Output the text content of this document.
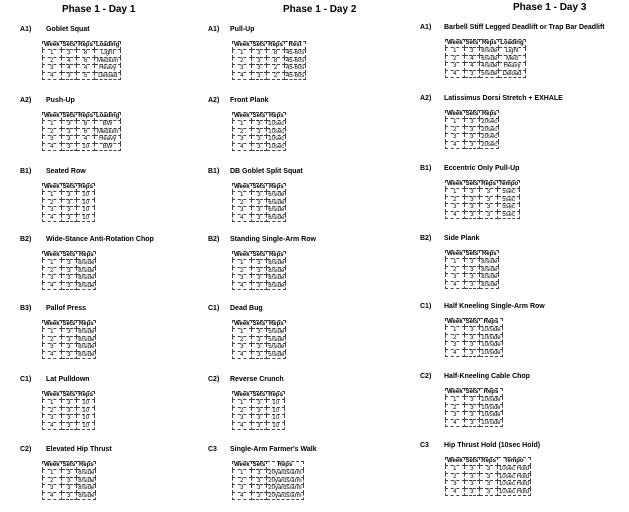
Phase 1 - Day 1
A1) Goblet Squat
Week	Sets	Reps	Loading
1	3	8	Light
2	4	6	Medium
3	4	4	Heavy
4	3	5	Deload
A2) Push-Up
Week	Sets	Reps	Loading
1	3	8	BW
2	3	6	Medium
3	3	4	Heavy
4	3	10	BW
B1) Seated Row
Week	Sets	Reps
1	3	10
2	3	10
3	3	10
4	3	10
B2) Wide-Stance Anti-Rotation Chop
Week	Sets	Reps
1	3	8/side
2	3	8/side
3	3	8/side
4	3	8/side
B3) Pallof Press
Week	Sets	Reps
1	3	8/side
2	3	8/side
3	3	8/side
4	3	8/side
C1) Lat Pulldown
Week	Sets	Reps
1	3	10
2	3	10
3	3	10
4	3	10
C2) Elevated Hip Thrust
Week	Sets	Reps
1	3	8/side
2	3	8/side
3	3	8/side
4	3	8/side
Phase 1 - Day 2
A1) Pull-Up
Week	Sets	Reps	Rest
1	3	8	45-60s
2	3	8	45-60s
3	3	2	45-60s
4	3	2	45-60s
A2) Front Plank
Week	Sets	Reps
1	3	10sec
2	3	10sec
3	3	10sec
4	3	10sec
B1) DB Goblet Split Squat
Week	Sets	Reps
1	3	6/side
2	3	6/side
3	3	6/side
4	3	6/side
B2) Standing Single-Arm Row
Week	Sets	Reps
1	3	8/side
2	3	8/side
3	3	8/side
4	3	8/side
C1) Dead Bug
Week	Sets	Reps
1	3	5/side
2	3	5/side
3	3	5/side
4	3	5/side
C2) Reverse Crunch
Week	Sets	Reps
1	3	10
2	3	10
3	3	10
4	3	10
C3 Single-Arm Farmer's Walk
Week	Sets	Reps
1	3	20yards/arm
2	3	20yards/arm
3	3	20yards/arm
4	3	20yards/arm
Phase 1 - Day 3
A1) Barbell Stiff Legged Deadlift or Trap Bar Deadlift
Week	Sets	Reps	Loading
1	3	8/side	Light
2	4	6/side	Med
3	4	4/side	Heavy
4	3	5/side	Deload
A2) Latissimus Dorsi Stretch + EXHALE
Week	Sets	Reps
1	3	20sec
2	3	20sec
3	3	20sec
4	3	20sec
B1) Eccentric Only Pull-Up
Week	Sets	Reps	Tempo
1	3	3	5sec
2	3	3	5sec
3	3	3	5sec
4	3	3	5sec
B2) Side Plank
Week	Sets	Reps
1	3	8/side
2	3	8/side
3	3	8/side
4	3	8/side
C1) Half Kneeling Single-Arm Row
Week	Sets	Reps
1	3	10/side
2	3	10/side
3	3	10/side
4	3	10/side
C2) Half-Kneeling Cable Chop
Week	Sets	Reps
1	3	10/side
2	3	10/side
3	3	10/side
4	3	10/side
C3 Hip Thrust Hold (10sec Hold)
Week	Sets	Reps	Tempo
1	3	3	10sec Hold
2	3	3	10sec Hold
3	3	3	10sec Hold
4	3	3	10sec Hold
